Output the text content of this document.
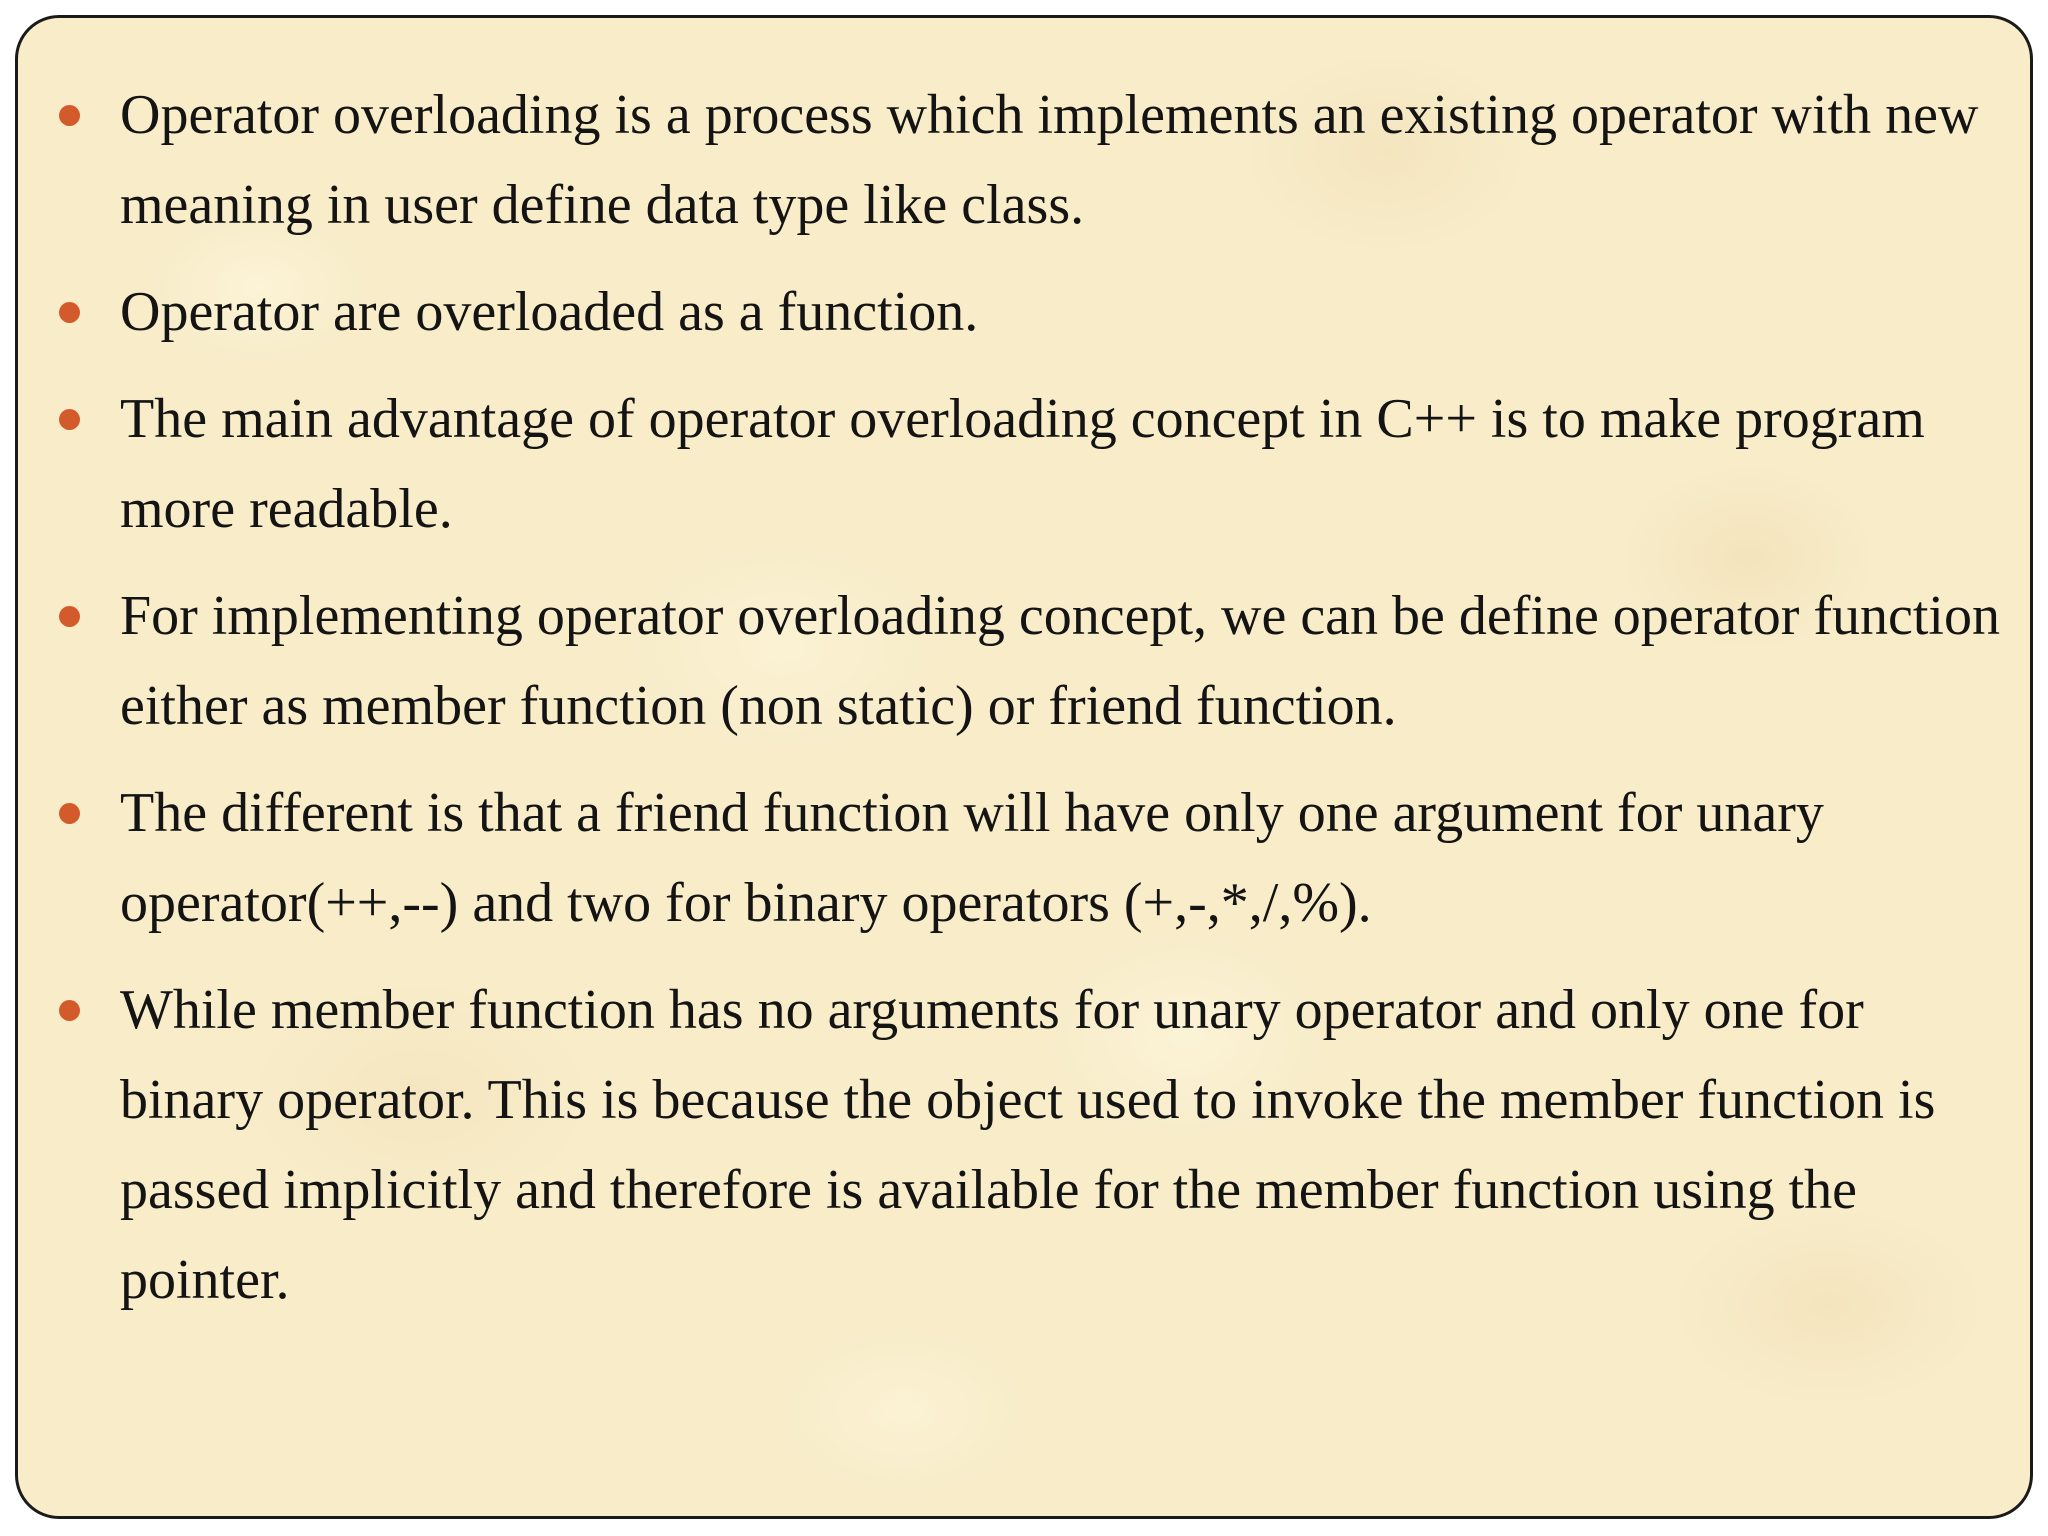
Operator overloading is a process which implements an existing operator with new meaning in user define data type like class.
Operator are overloaded as a function.
The main advantage of operator overloading concept in C++ is to make program more readable.
For implementing operator overloading concept, we can be define operator function either as member function (non static) or friend function.
The different is that a friend function will have only one argument for unary operator(++,--) and two for binary operators (+,-,*,/,%).
While member function has no arguments for unary operator and only one for binary operator. This is because the object used to invoke the member function is passed implicitly and therefore is available for the member function using the pointer.
